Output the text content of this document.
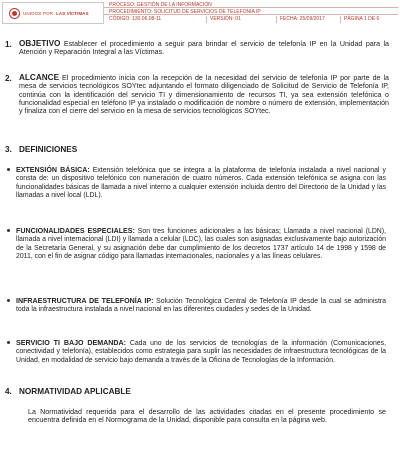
UNIDOS POR LAS VÍCTIMAS
PROCESO: GESTIÓN DE LA INFORMACIÓN
PROCEDIMIENTO: SOLICITUD DE SERVICIOS DE TELEFONÍA IP
CÓDIGO: 130.06.08-11	VERSIÓN: 01	FECHA: 25/09/2017	PÁGINA 1 DE 6
1. OBJETIVO Establecer el procedimiento a seguir para brindar el servicio de telefonía IP en la Unidad para la Atención y Reparación Integral a las Víctimas.

2. ALCANCE El procedimiento inicia con la recepción de la necesidad del servicio de telefonía IP por parte de la mesa de servicios tecnológicos SOYtec adjuntando el formato diligenciado de Solicitud de Servicio de Telefonía IP, continúa con la identificación del servicio TI y dimensionamiento de recursos TI, ya sea extensión telefónica o funcionalidad especial en teléfono IP ya instalado o modificación de nombre o número de extensión, implementación y finaliza con el cierre del servicio en la mesa de servicios tecnológicos SOYtec.

3. DEFINICIONES

EXTENSIÓN BÁSICA: Extensión telefónica que se integra a la plataforma de telefonía instalada a nivel nacional y consta de: un dispositivo telefónico con numeración de cuatro números. Cada extensión telefónica se asigna con las funcionalidades básicas de llamada a nivel interno a cualquier extensión incluida dentro del Directorio de la Unidad y las llamadas a nivel local (LDL).

FUNCIONALIDADES ESPECIALES: Son tres funciones adicionales a las básicas; Llamada a nivel nacional (LDN), llamada a nivel internacional (LDI) y llamada a celular (LDC), las cuales son asignadas exclusivamente bajo autorización de la Secretaría General, y su asignación debe dar cumplimiento de los decretos 1737 artículo 14 de 1998 y 1598 de 2011, con el fin de asignar código para llamadas internacionales, nacionales y a las líneas celulares.

INFRAESTRUCTURA DE TELEFONÍA IP: Solución Tecnológica Central de Telefonía IP desde la cual se administra toda la infraestructura instalada a nivel nacional en las diferentes ciudades y sedes de la Unidad.

SERVICIO TI BAJO DEMANDA: Cada uno de los servicios de tecnologías de la información (Comunicaciones, conectividad y telefonía), establecidos como estrategia para suplir las necesidades de infraestructura tecnológicas de la Unidad, en modalidad de servicio bajo demanda a través de la Oficina de Tecnologías de la Información.

4. NORMATIVIDAD APLICABLE

La Normatividad requerida para el desarrollo de las actividades citadas en el presente procedimiento se encuentra definida en el Normograma de la Unidad, disponible para consulta en la página web.
